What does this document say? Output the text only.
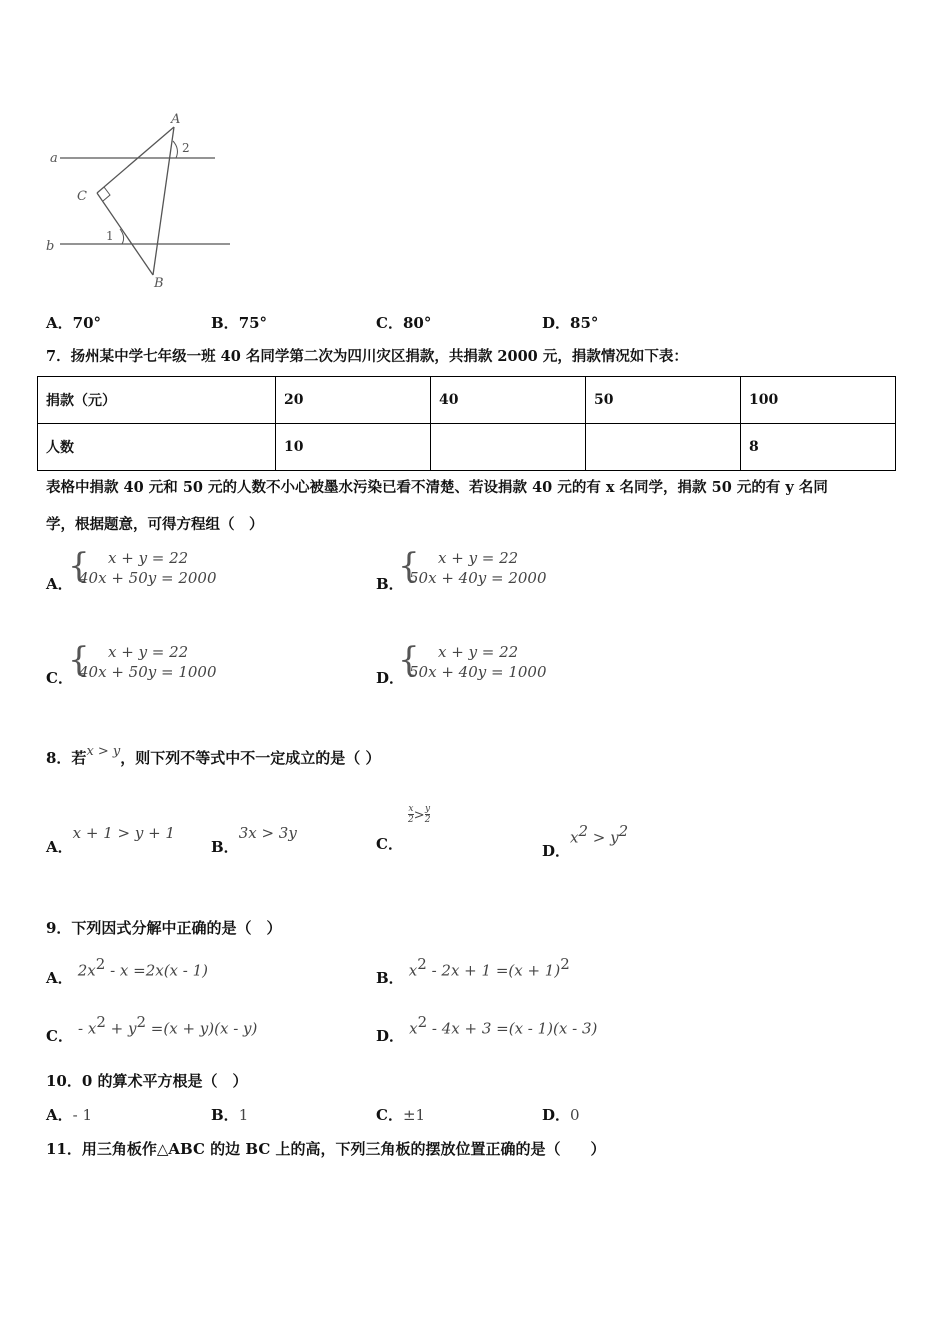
a
b
A
B
C
1
2
A．70°	B．75°	C．80°	D．85°
7．扬州某中学七年级一班 40 名同学第二次为四川灾区捐款，共捐款 2000 元，捐款情况如下表：
捐款（元）	20	40	50	100
人数	10			8
表格中捐款 40 元和 50 元的人数不小心被墨水污染已看不清楚、若设捐款 40 元的有 x 名同学，捐款 50 元的有 y 名同
学，根据题意，可得方程组（　）
A．
{ x + y = 22
40x + 50y = 2000	B．
{ x + y = 22
50x + 40y = 2000
C．
{ x + y = 22
40x + 50y = 1000	D．
{ x + y = 22
50x + 40y = 1000
8．若x > y，则下列不等式中不一定成立的是（ ）
A．x + 1 > y + 1
B．3x > 3y
C．
$\frac{x}{2} > \frac{y}{2}$
D．$x^2 > y^2$
9．下列因式分解中正确的是（　）
A． $2x^2 - x =2x(x - 1)$	B． $x^2 - 2x + 1 =(x + 1)^2$
C． - $x^2 + y^2 =(x + y)(x - y)$	D． $x^2 - 4x + 3 =(x - 1)(x - 3)$
10．0 的算术平方根是（　）
A．- 1	B．1	C．±1	D．0
11．用三角板作△ABC 的边 BC 上的高，下列三角板的摆放位置正确的是（　　）
